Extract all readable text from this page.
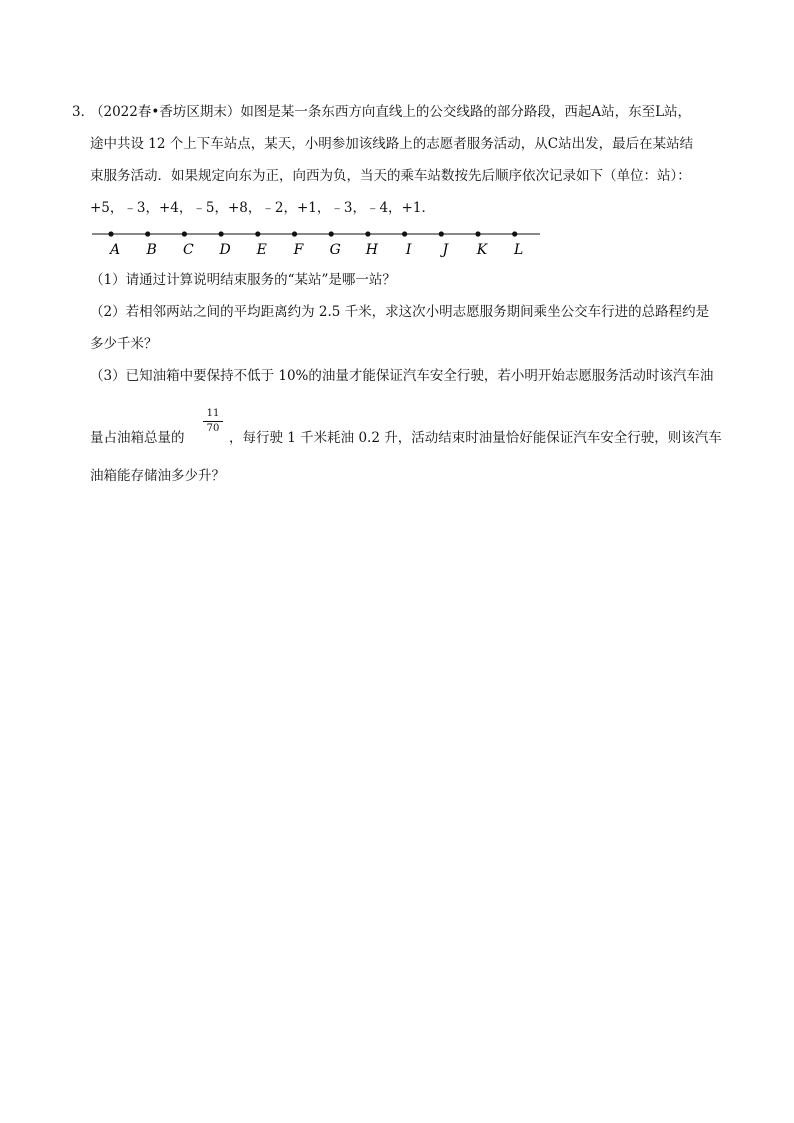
3．
（2022春•香坊区期末）如图是某一条东西方向直线上的公交线路的部分路段，西起A站，东至L站，
途中共设 12 个上下车站点，某天，小明参加该线路上的志愿者服务活动，从C站出发，最后在某站结
束服务活动．如果规定向东为正，向西为负，当天的乘车站数按先后顺序依次记录如下（单位：站）：
+5，﹣3，+4，﹣5，+8，﹣2，+1，﹣3，﹣4，+1．
A B C D E F G H I J K L
（1）请通过计算说明结束服务的“某站”是哪一站？
（2）若相邻两站之间的平均距离约为 2.5 千米，求这次小明志愿服务期间乘坐公交车行进的总路程约是
多少千米？
（3）已知油箱中要保持不低于 10%的油量才能保证汽车安全行驶，若小明开始志愿服务活动时该汽车油
量占油箱总量的
11
70
，每行驶 1 千米耗油 0.2 升，活动结束时油量恰好能保证汽车安全行驶，则该汽车
油箱能存储油多少升？
